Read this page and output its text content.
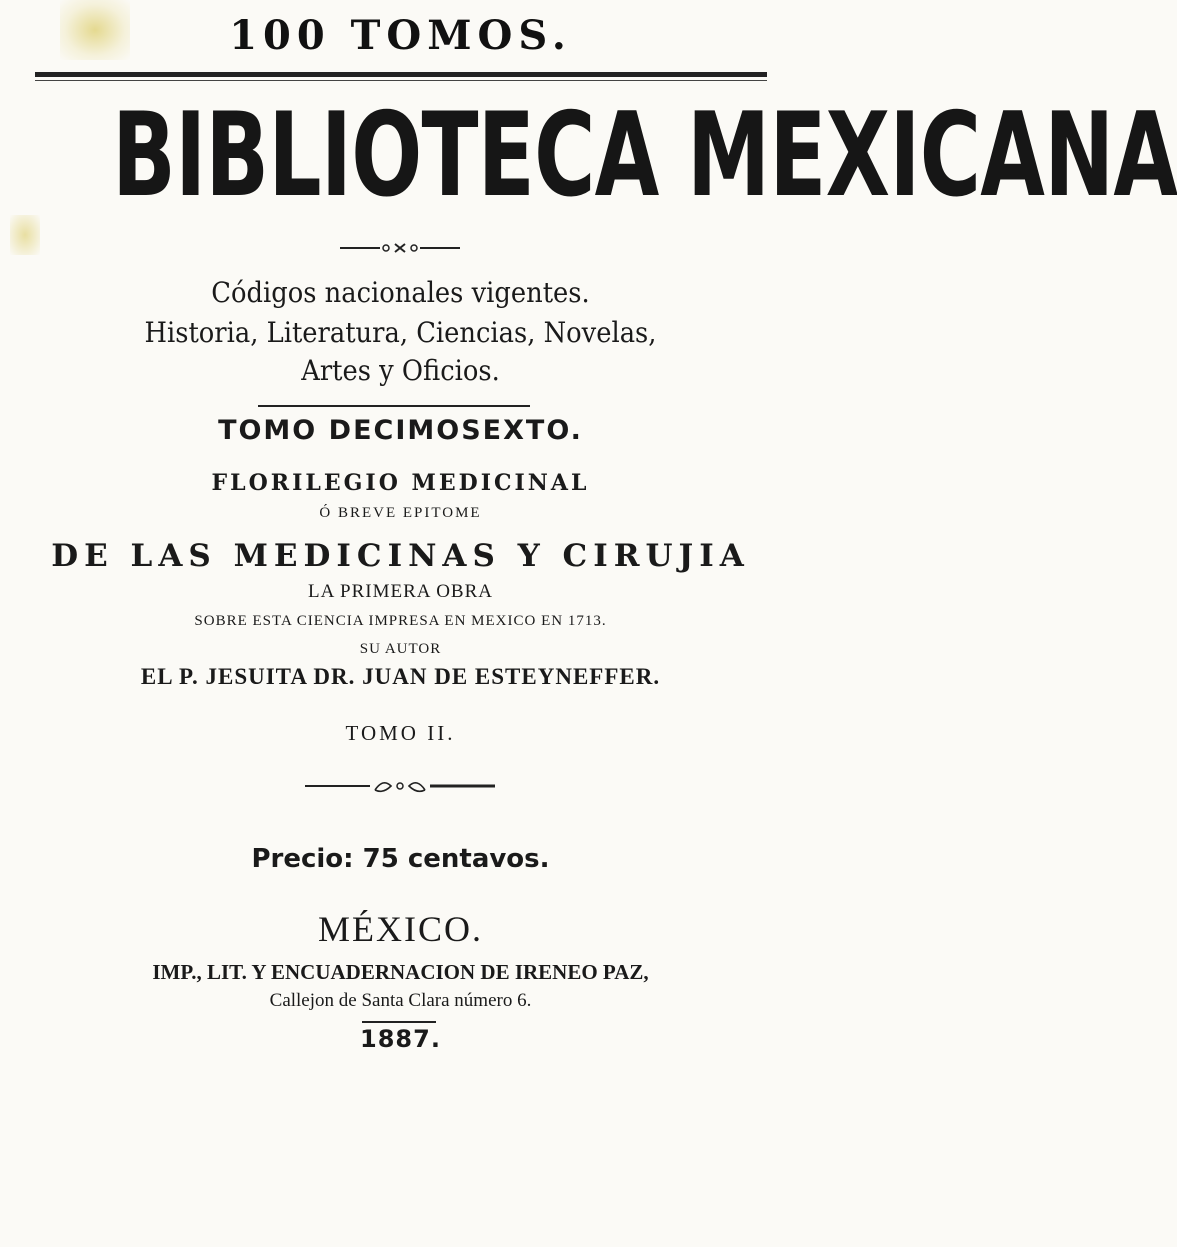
100 TOMOS.
BIBLIOTECA MEXICANA
Códigos nacionales vigentes.
Historia, Literatura, Ciencias, Novelas,
Artes y Oficios.
TOMO DECIMOSEXTO.
FLORILEGIO MEDICINAL
Ó BREVE EPITOME
DE LAS MEDICINAS Y CIRUJIA
LA PRIMERA OBRA
SOBRE ESTA CIENCIA IMPRESA EN MEXICO EN 1713.
SU AUTOR
EL P. JESUITA DR. JUAN DE ESTEYNEFFER.
TOMO II.
Precio: 75 centavos.
MÉXICO.
IMP., LIT. Y ENCUADERNACION DE IRENEO PAZ,
Callejon de Santa Clara número 6.
1887.
